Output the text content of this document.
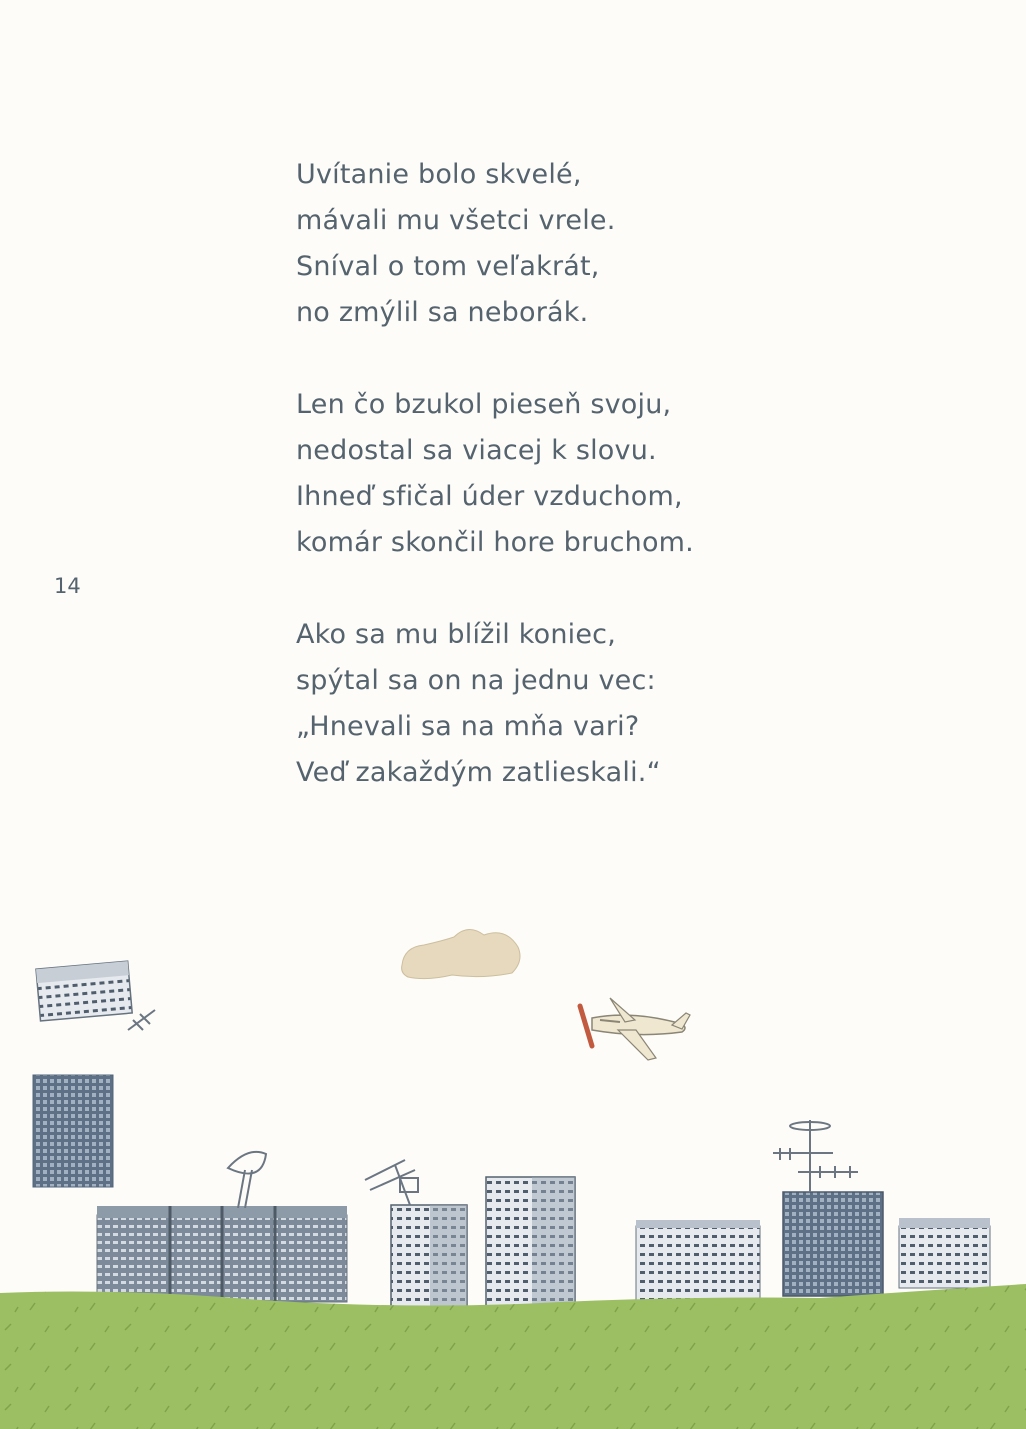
14
Uvítanie bolo skvelé,
mávali mu všetci vrele.
Sníval o tom veľakrát,
no zmýlil sa neborák.
Len čo bzukol pieseň svoju,
nedostal sa viacej k slovu.
Ihneď sfičal úder vzduchom,
komár skončil hore bruchom.
Ako sa mu blížil koniec,
spýtal sa on na jednu vec:
„Hnevali sa na mňa vari?
Veď zakaždým zatlieskali.“
